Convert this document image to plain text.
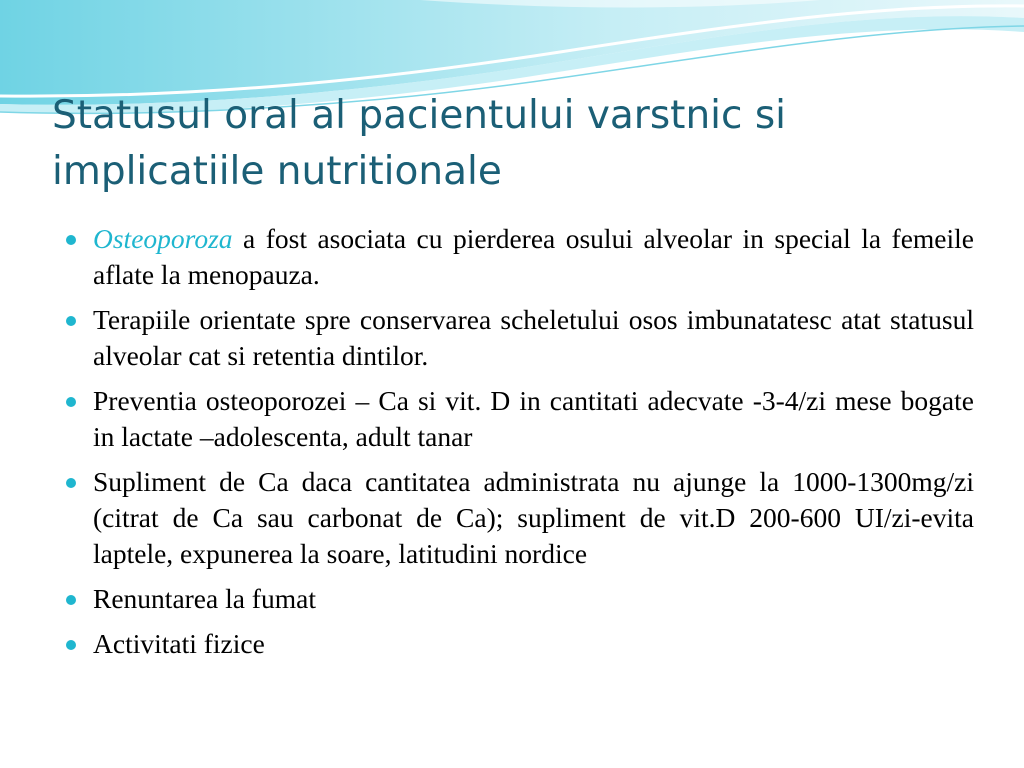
Statusul oral al pacientului varstnic si implicatiile nutritionale
Osteoporoza a fost asociata cu pierderea osului alveolar in special la femeile aflate la menopauza.
Terapiile orientate spre conservarea scheletului osos imbunatatesc atat statusul alveolar cat si retentia dintilor.
Preventia osteoporozei – Ca si vit. D in cantitati adecvate -3-4/zi mese bogate in lactate –adolescenta, adult tanar
Supliment de Ca daca cantitatea administrata nu ajunge la 1000-1300mg/zi (citrat de Ca sau carbonat de Ca); supliment de vit.D 200-600 UI/zi-evita laptele, expunerea la soare, latitudini nordice
Renuntarea la fumat
Activitati fizice
